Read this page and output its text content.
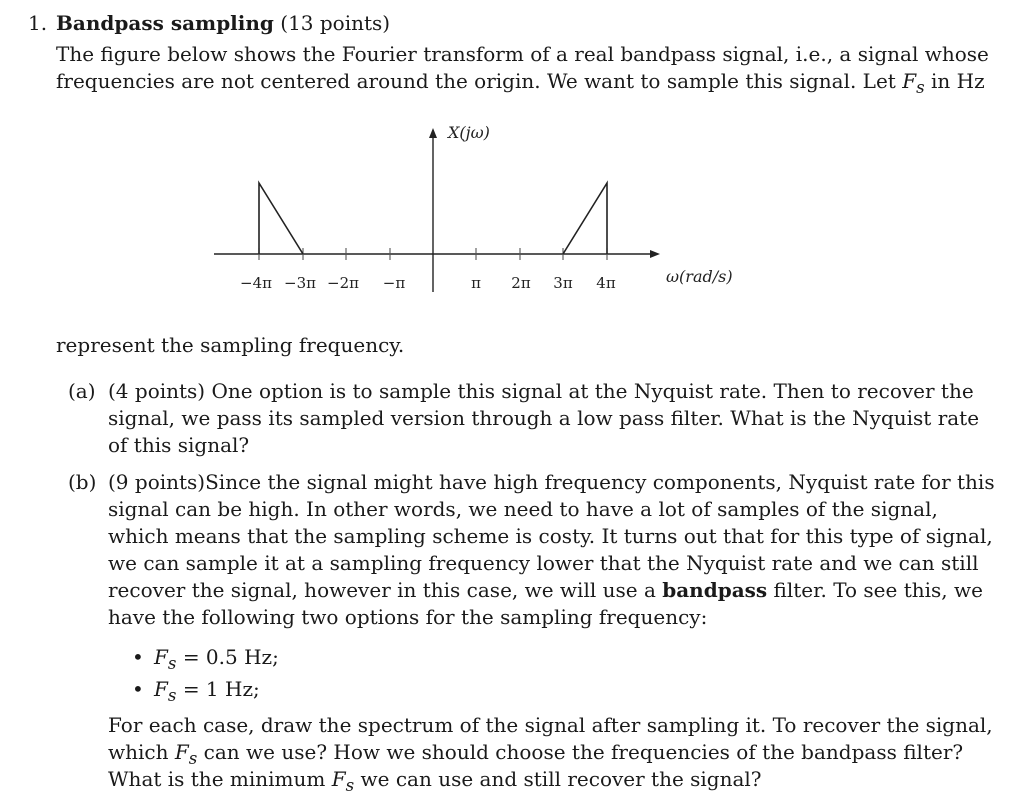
1. Bandpass sampling (13 points)
The figure below shows the Fourier transform of a real bandpass signal, i.e., a signal whose
frequencies are not centered around the origin. We want to sample this signal. Let $F_s$ in Hz
X(jω)
ω(rad/s)
−4π −3π −2π −π	π 2π 3π 4π
represent the sampling frequency.
(a) (4 points) One option is to sample this signal at the Nyquist rate. Then to recover the
signal, we pass its sampled version through a low pass filter. What is the Nyquist rate
of this signal?
(b) (9 points)Since the signal might have high frequency components, Nyquist rate for this
signal can be high. In other words, we need to have a lot of samples of the signal,
which means that the sampling scheme is costy. It turns out that for this type of signal,
we can sample it at a sampling frequency lower that the Nyquist rate and we can still
recover the signal, however in this case, we will use a bandpass filter. To see this, we
have the following two options for the sampling frequency:
• $F_s = 0.5$ Hz;
• $F_s = 1$ Hz;
For each case, draw the spectrum of the signal after sampling it. To recover the signal,
which $F_s$ can we use? How we should choose the frequencies of the bandpass filter?
What is the minimum $F_s$ we can use and still recover the signal?
